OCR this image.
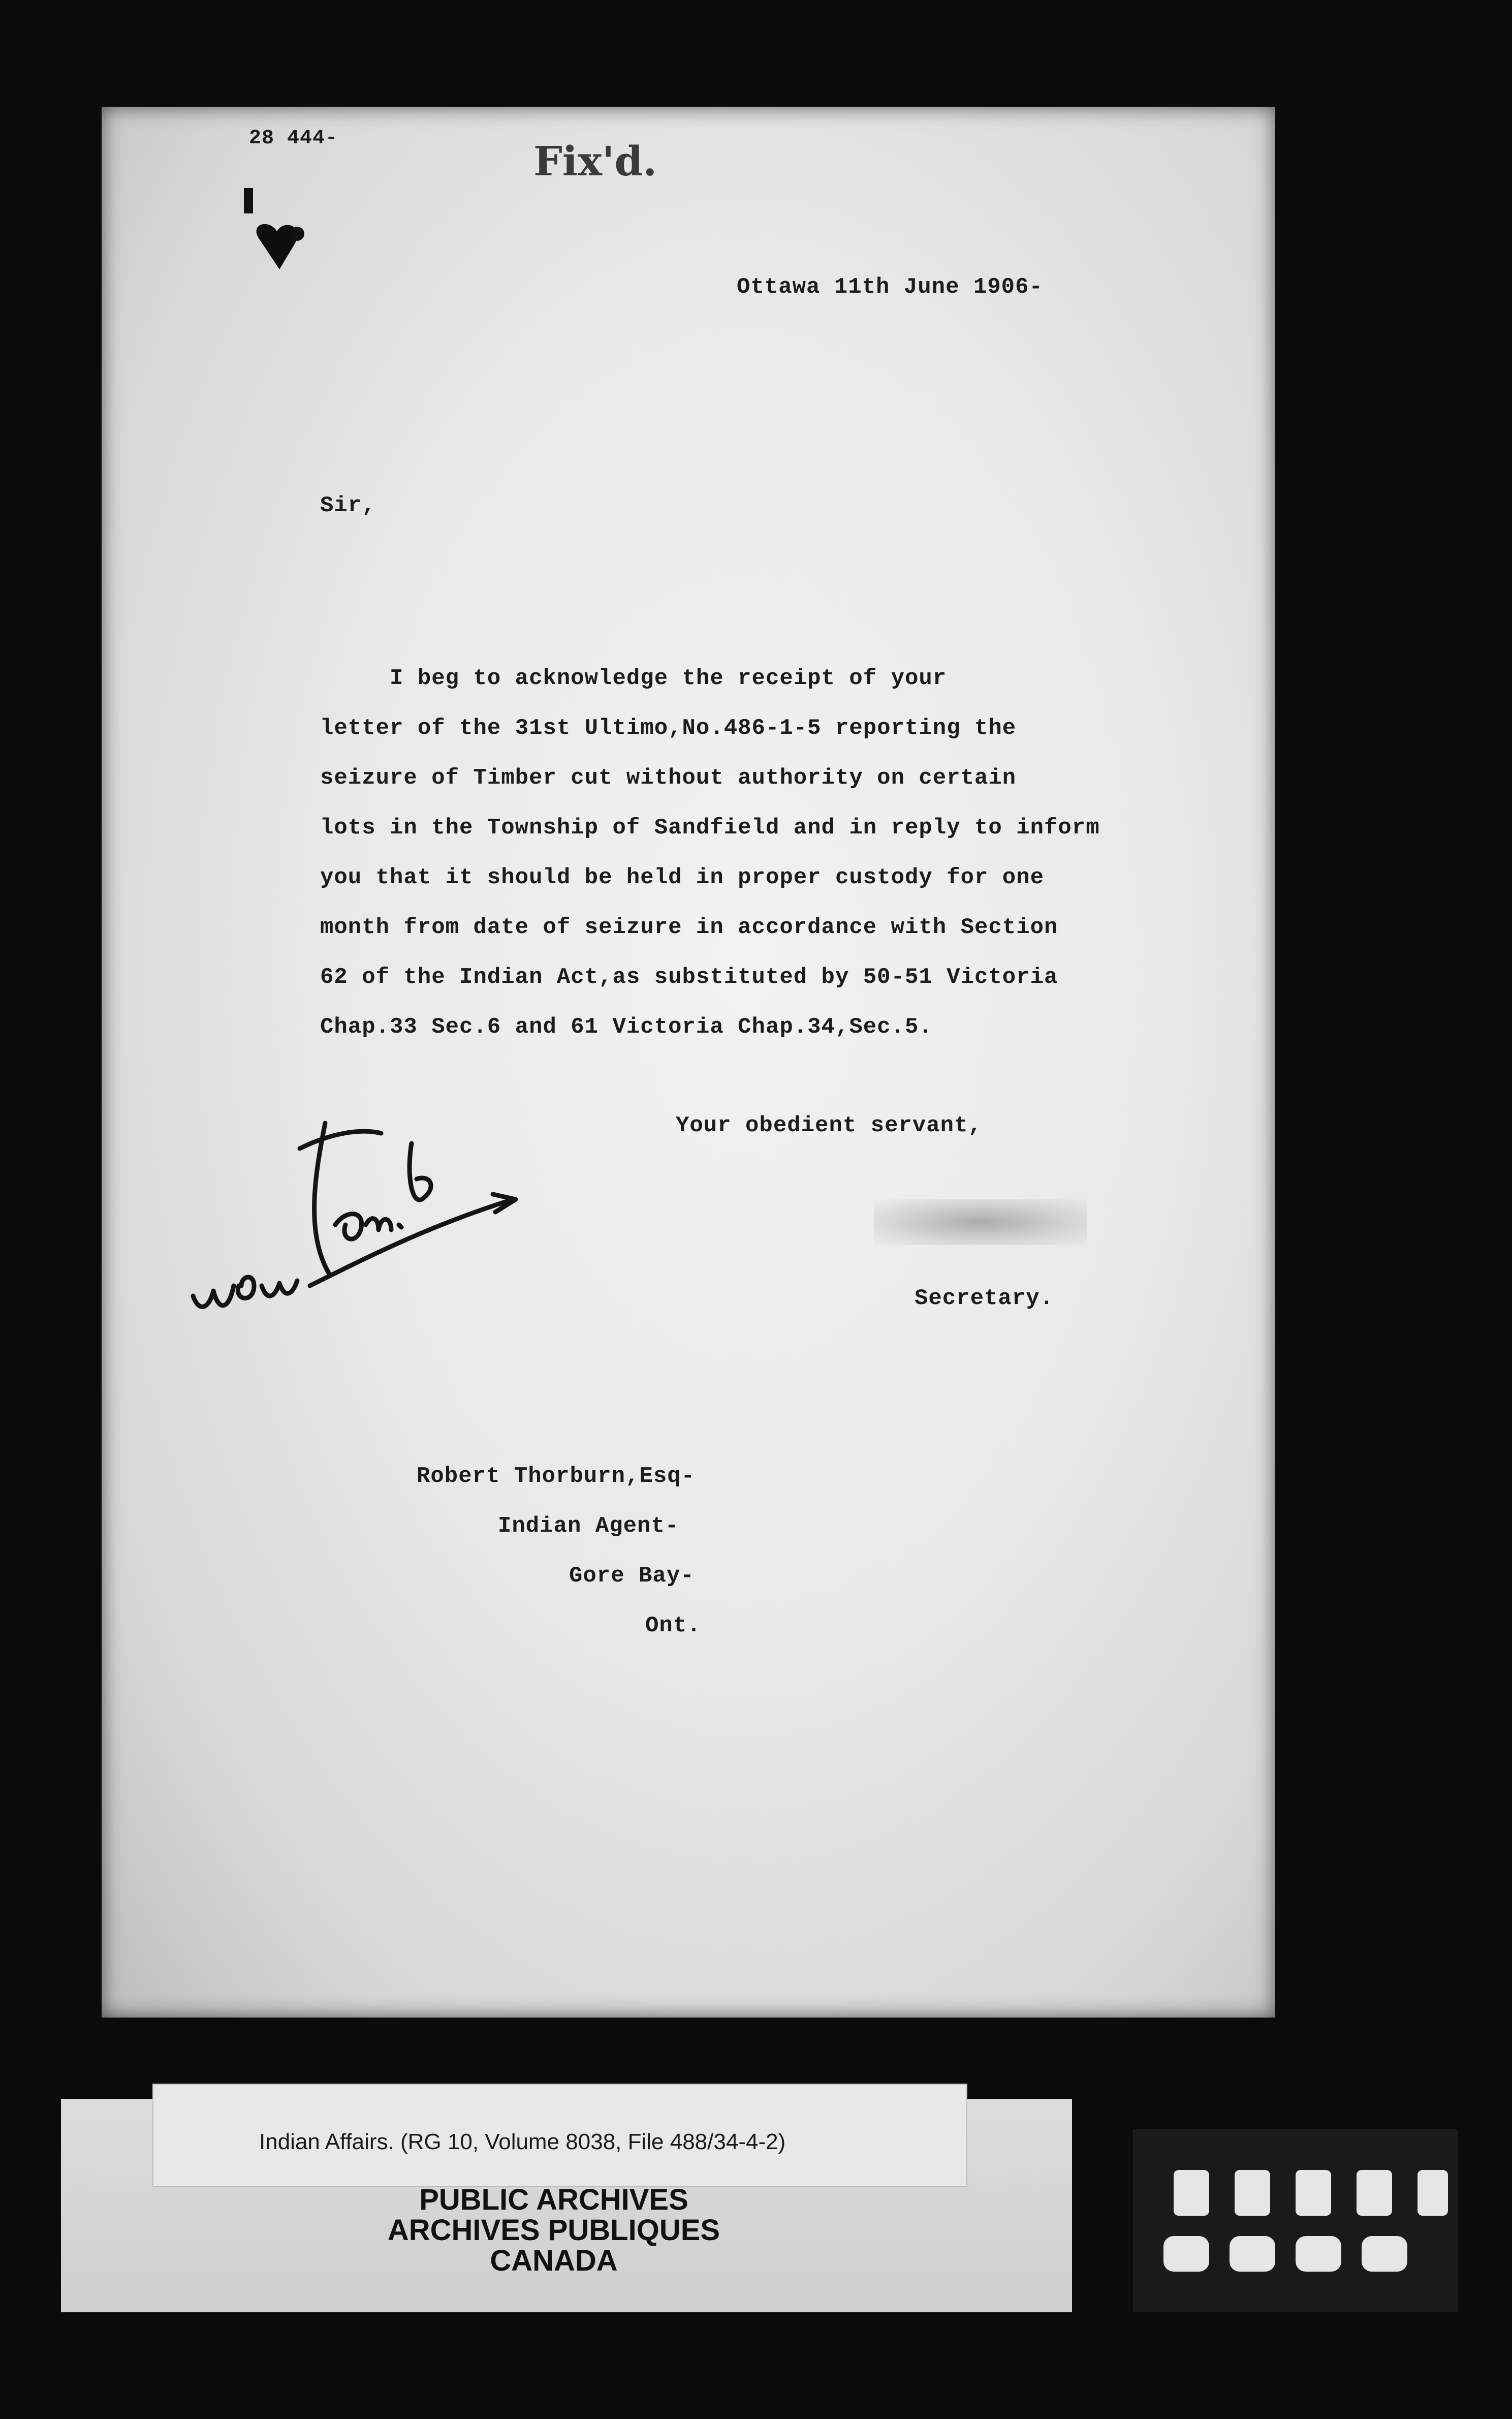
28 444-	Fix'd.
Ottawa 11th June 1906-
Sir,
I beg to acknowledge the receipt of your
letter of the 31st Ultimo,No.486-1-5 reporting the
seizure of Timber cut without authority on certain
lots in the Township of Sandfield and in reply to inform
you that it should be held in proper custody for one
month from date of seizure in accordance with Section
62 of the Indian Act,as substituted by 50-51 Victoria
Chap.33 Sec.6 and 61 Victoria Chap.34,Sec.5.
Your obedient servant,
Secretary.
Wm Com. to
Robert Thorburn,Esq-
Indian Agent-
Gore Bay-
Ont.
Indian Affairs. (RG 10, Volume 8038, File 488/34-4-2)
PUBLIC ARCHIVES
ARCHIVES PUBLIQUES
CANADA
